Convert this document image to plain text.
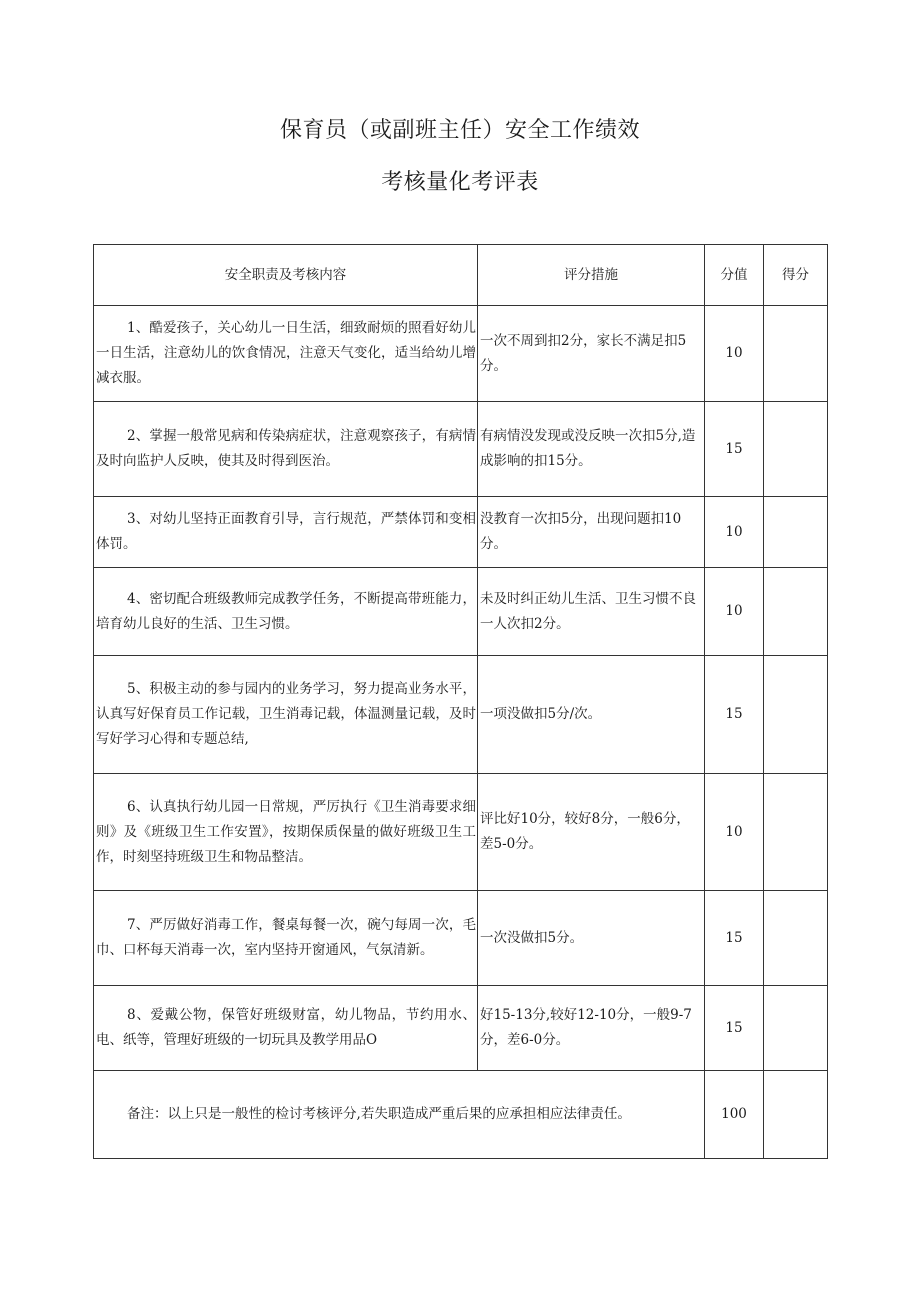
保育员（或副班主任）安全工作绩效
考核量化考评表
安全职责及考核内容	评分措施	分值	得分

1、酷爱孩子，关心幼儿一日生活，细致耐烦的照看好幼儿一日生活，注意幼儿的饮食情况，注意天气变化，适当给幼儿增减衣服。	一次不周到扣2分，家长不满足扣5分。	10	

2、掌握一般常见病和传染病症状，注意观察孩子，有病情及时向监护人反映，使其及时得到医治。	有病情没发现或没反映一次扣5分,造成影响的扣15分。	15	

3、对幼儿坚持正面教育引导，言行规范，严禁体罚和变相体罚。	没教育一次扣5分，出现问题扣10分。	10	

4、密切配合班级教师完成教学任务，不断提高带班能力，培育幼儿良好的生活、卫生习惯。	未及时纠正幼儿生活、卫生习惯不良一人次扣2分。	10	

5、积极主动的参与园内的业务学习，努力提高业务水平，认真写好保育员工作记载，卫生消毒记载，体温测量记载，及时写好学习心得和专题总结,	一项没做扣5分/次。	15	

6、认真执行幼儿园一日常规，严厉执行《卫生消毒要求细则》及《班级卫生工作安置》，按期保质保量的做好班级卫生工作，时刻坚持班级卫生和物品整洁。	评比好10分，较好8分，一般6分，差5-0分。	10	

7、严厉做好消毒工作，餐桌每餐一次，碗勺每周一次，毛巾、口杯每天消毒一次，室内坚持开窗通风，气氛清新。	一次没做扣5分。	15	

8、爱戴公物，保管好班级财富，幼儿物品，节约用水、电、纸等，管理好班级的一切玩具及教学用品O	好15-13分,较好12-10分，一般9-7分，差6-0分。	15	

备注：以上只是一般性的检讨考核评分,若失职造成严重后果的应承担相应法律责任。		100	
